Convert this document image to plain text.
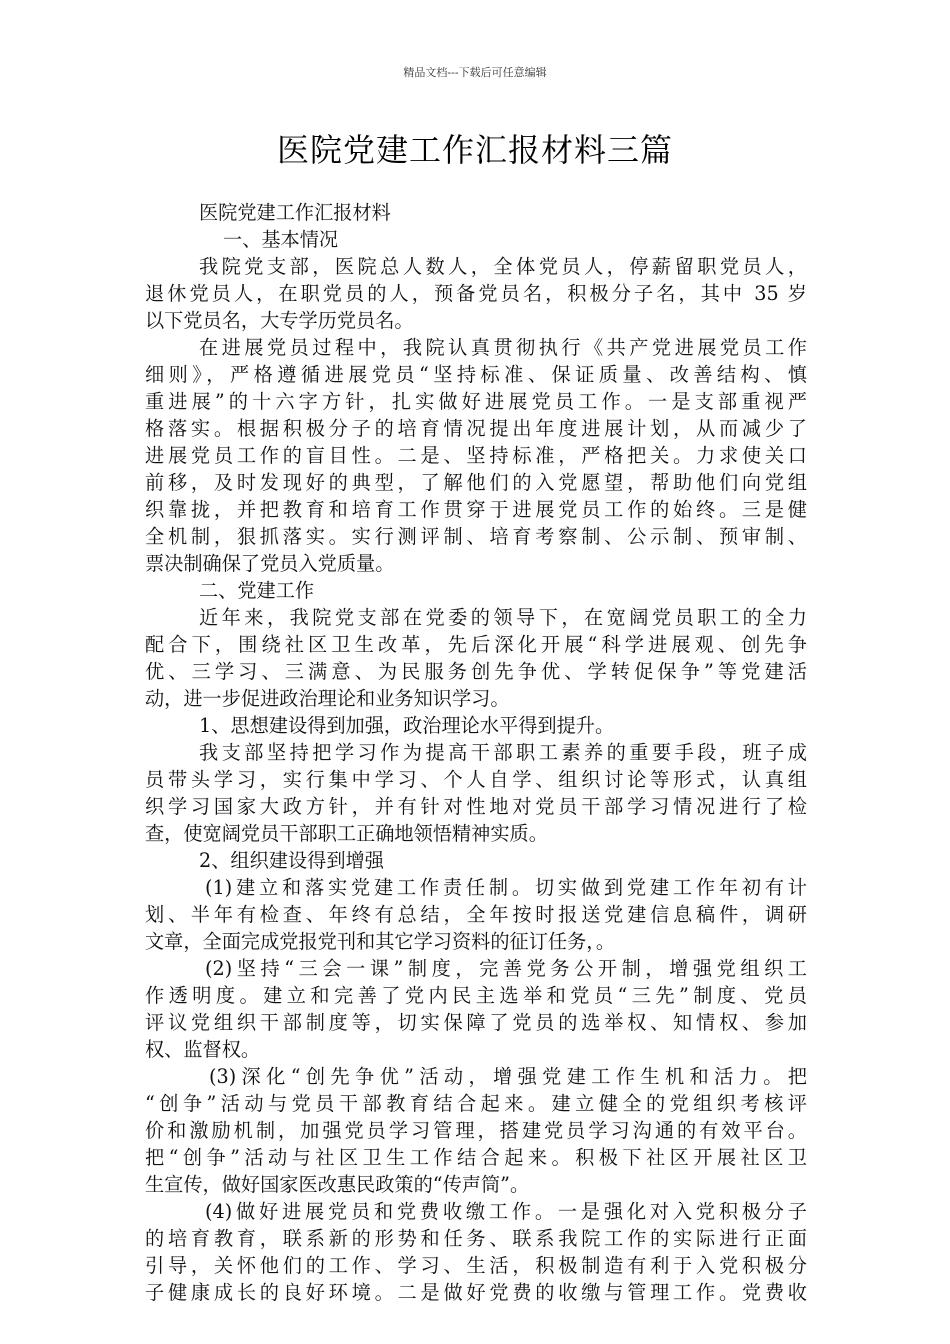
精品文档---下载后可任意编辑
医院党建工作汇报材料三篇
医院党建工作汇报材料
一、基本情况
我院党支部，医院总人数人，全体党员人，停薪留职党员人，
退休党员人，在职党员的人，预备党员名，积极分子名，其中 35 岁
以下党员名，大专学历党员名。
在进展党员过程中，我院认真贯彻执行《共产党进展党员工作
细则》，严格遵循进展党员“坚持标准、保证质量、改善结构、慎
重进展”的十六字方针，扎实做好进展党员工作。一是支部重视严
格落实。根据积极分子的培育情况提出年度进展计划，从而减少了
进展党员工作的盲目性。二是、坚持标准，严格把关。力求使关口
前移，及时发现好的典型，了解他们的入党愿望，帮助他们向党组
织靠拢，并把教育和培育工作贯穿于进展党员工作的始终。三是健
全机制，狠抓落实。实行测评制、培育考察制、公示制、预审制、
票决制确保了党员入党质量。
二、党建工作
近年来，我院党支部在党委的领导下，在宽阔党员职工的全力
配合下，围绕社区卫生改革，先后深化开展“科学进展观、创先争
优、三学习、三满意、为民服务创先争优、学转促保争”等党建活
动，进一步促进政治理论和业务知识学习。
1、思想建设得到加强，政治理论水平得到提升。
我支部坚持把学习作为提高干部职工素养的重要手段，班子成
员带头学习，实行集中学习、个人自学、组织讨论等形式，认真组
织学习国家大政方针，并有针对性地对党员干部学习情况进行了检
查，使宽阔党员干部职工正确地领悟精神实质。
2、组织建设得到增强
(1)建立和落实党建工作责任制。切实做到党建工作年初有计
划、半年有检查、年终有总结，全年按时报送党建信息稿件，调研
文章，全面完成党报党刊和其它学习资料的征订任务，。
(2)坚持“三会一课”制度，完善党务公开制，增强党组织工
作透明度。建立和完善了党内民主选举和党员“三先”制度、党员
评议党组织干部制度等，切实保障了党员的选举权、知情权、参加
权、监督权。
(3)深化“创先争优”活动，增强党建工作生机和活力。把
“创争”活动与党员干部教育结合起来。建立健全的党组织考核评
价和激励机制，加强党员学习管理，搭建党员学习沟通的有效平台。
把“创争”活动与社区卫生工作结合起来。积极下社区开展社区卫
生宣传，做好国家医改惠民政策的“传声筒”。
(4)做好进展党员和党费收缴工作。一是强化对入党积极分子
的培育教育，联系新的形势和任务、联系我院工作的实际进行正面
引导，关怀他们的工作、学习、生活，积极制造有利于入党积极分
子健康成长的良好环境。二是做好党费的收缴与管理工作。党费收
